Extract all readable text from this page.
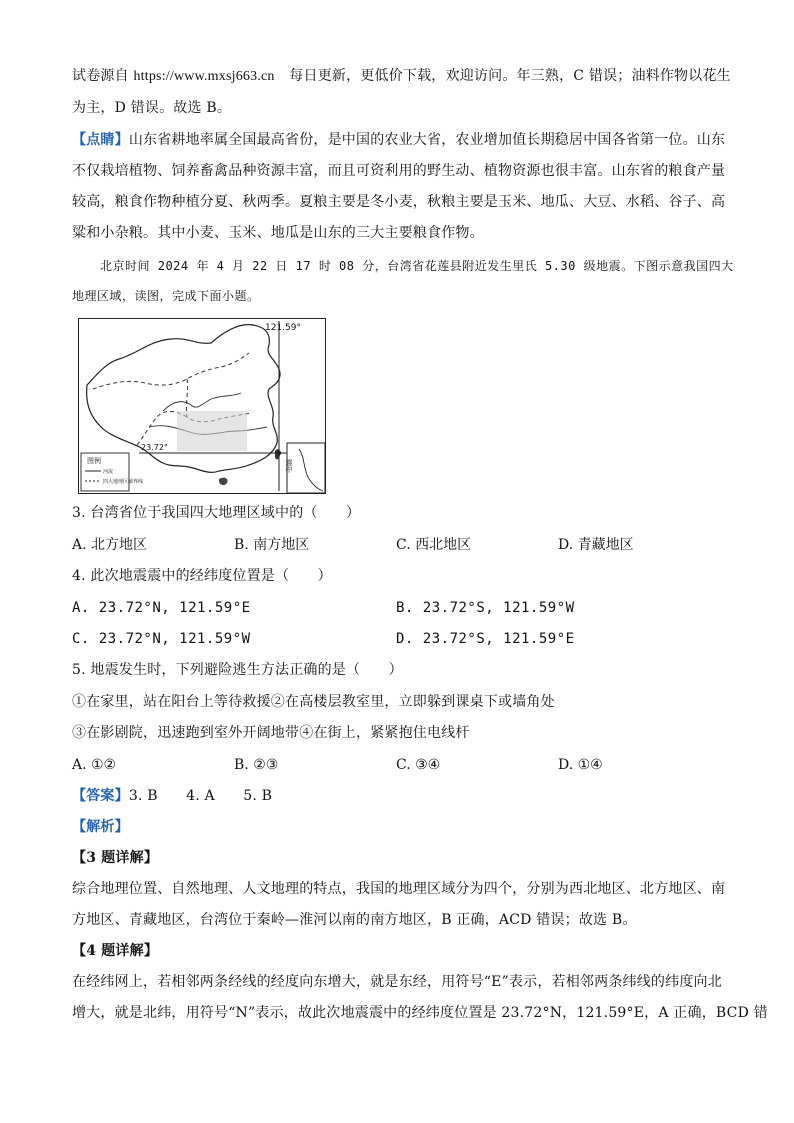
试卷源自 https://www.mxsj663.cn 每日更新，更低价下载，欢迎访问。年三熟，C 错误；油料作物以花生
为主，D 错误。故选 B。
【点睛】山东省耕地率属全国最高省份，是中国的农业大省，农业增加值长期稳居中国各省第一位。山东
不仅栽培植物、饲养畜禽品种资源丰富，而且可资利用的野生动、植物资源也很丰富。山东省的粮食产量
较高，粮食作物种植分夏、秋两季。夏粮主要是冬小麦，秋粮主要是玉米、地瓜、大豆、水稻、谷子、高
粱和小杂粮。其中小麦、玉米、地瓜是山东的三大主要粮食作物。
北京时间 2024 年 4 月 22 日 17 时 08 分，台湾省花莲县附近发生里氏 5.30 级地震。下图示意我国四大
地理区域，读图，完成下面小题。
121.59°
23.72°
图例
河流
四大地理区域界线
震中
3. 台湾省位于我国四大地理区域中的（　　）
A. 北方地区	B. 南方地区	C. 西北地区	D. 青藏地区
4. 此次地震震中的经纬度位置是（　　）
A. 23.72°N, 121.59°E	B. 23.72°S, 121.59°W
C. 23.72°N, 121.59°W	D. 23.72°S, 121.59°E
5. 地震发生时，下列避险逃生方法正确的是（　　）
①在家里，站在阳台上等待救援②在高楼层教室里，立即躲到课桌下或墙角处
③在影剧院，迅速跑到室外开阔地带④在街上，紧紧抱住电线杆
A. ①②	B. ②③	C. ③④	D. ①④
【答案】3. B　　4. A　　5. B
【解析】
【3 题详解】
综合地理位置、自然地理、人文地理的特点，我国的地理区域分为四个，分别为西北地区、北方地区、南
方地区、青藏地区，台湾位于秦岭—淮河以南的南方地区，B 正确，ACD 错误；故选 B。
【4 题详解】
在经纬网上，若相邻两条经线的经度向东增大，就是东经，用符号“E”表示，若相邻两条纬线的纬度向北
增大，就是北纬，用符号“N”表示，故此次地震震中的经纬度位置是 23.72°N，121.59°E，A 正确，BCD 错
